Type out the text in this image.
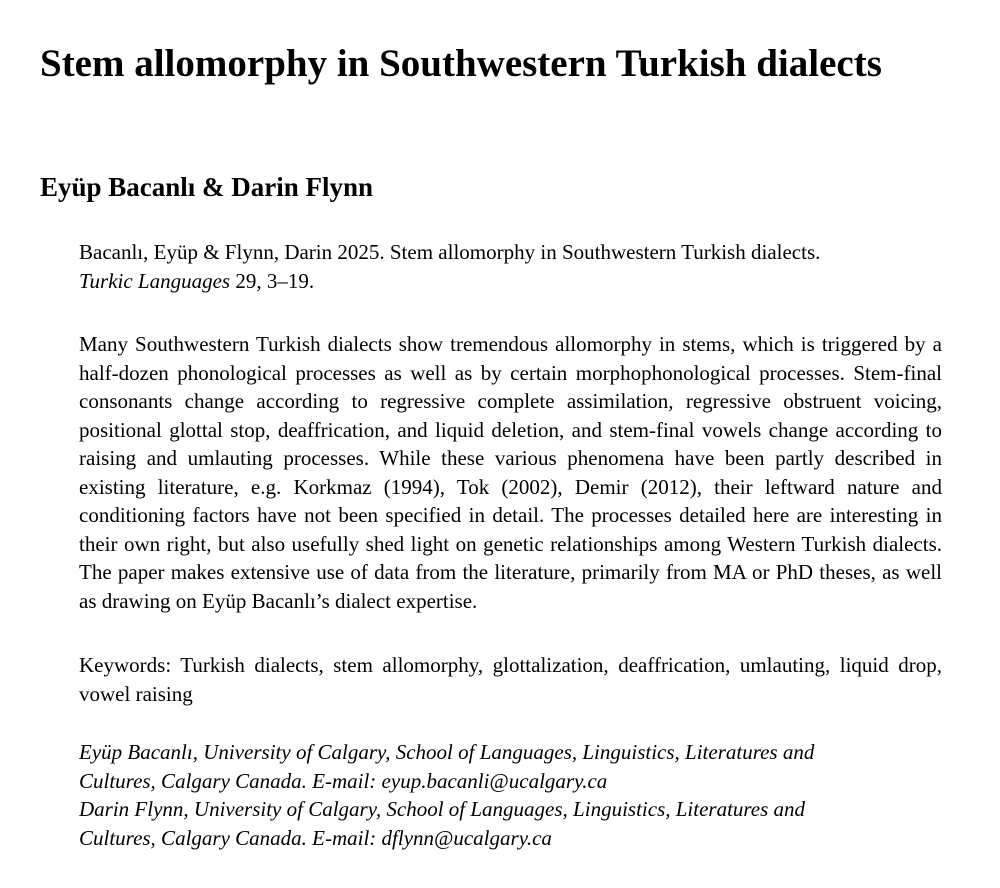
Stem allomorphy in Southwestern Turkish dialects
Eyüp Bacanlı & Darin Flynn

Bacanlı, Eyüp & Flynn, Darin 2025. Stem allomorphy in Southwestern Turkish dialects.
Turkic Languages 29, 3–19.

Many Southwestern Turkish dialects show tremendous allomorphy in stems, which is triggered by a half-dozen phonological processes as well as by certain morphophonological processes. Stem-final consonants change according to regressive complete assimilation, regressive obstruent voicing, positional glottal stop, deaffrication, and liquid deletion, and stem-final vowels change according to raising and umlauting processes. While these various phenomena have been partly described in existing literature, e.g. Korkmaz (1994), Tok (2002), Demir (2012), their leftward nature and conditioning factors have not been specified in detail. The processes detailed here are interesting in their own right, but also usefully shed light on genetic relationships among Western Turkish dialects. The paper makes extensive use of data from the literature, primarily from MA or PhD theses, as well as drawing on Eyüp Bacanlı’s dialect expertise.

Keywords: Turkish dialects, stem allomorphy, glottalization, deaffrication, umlauting, liquid drop, vowel raising

Eyüp Bacanlı, University of Calgary, School of Languages, Linguistics, Literatures and
Cultures, Calgary Canada. E-mail: eyup.bacanli@ucalgary.ca
Darin Flynn, University of Calgary, School of Languages, Linguistics, Literatures and
Cultures, Calgary Canada. E-mail: dflynn@ucalgary.ca
